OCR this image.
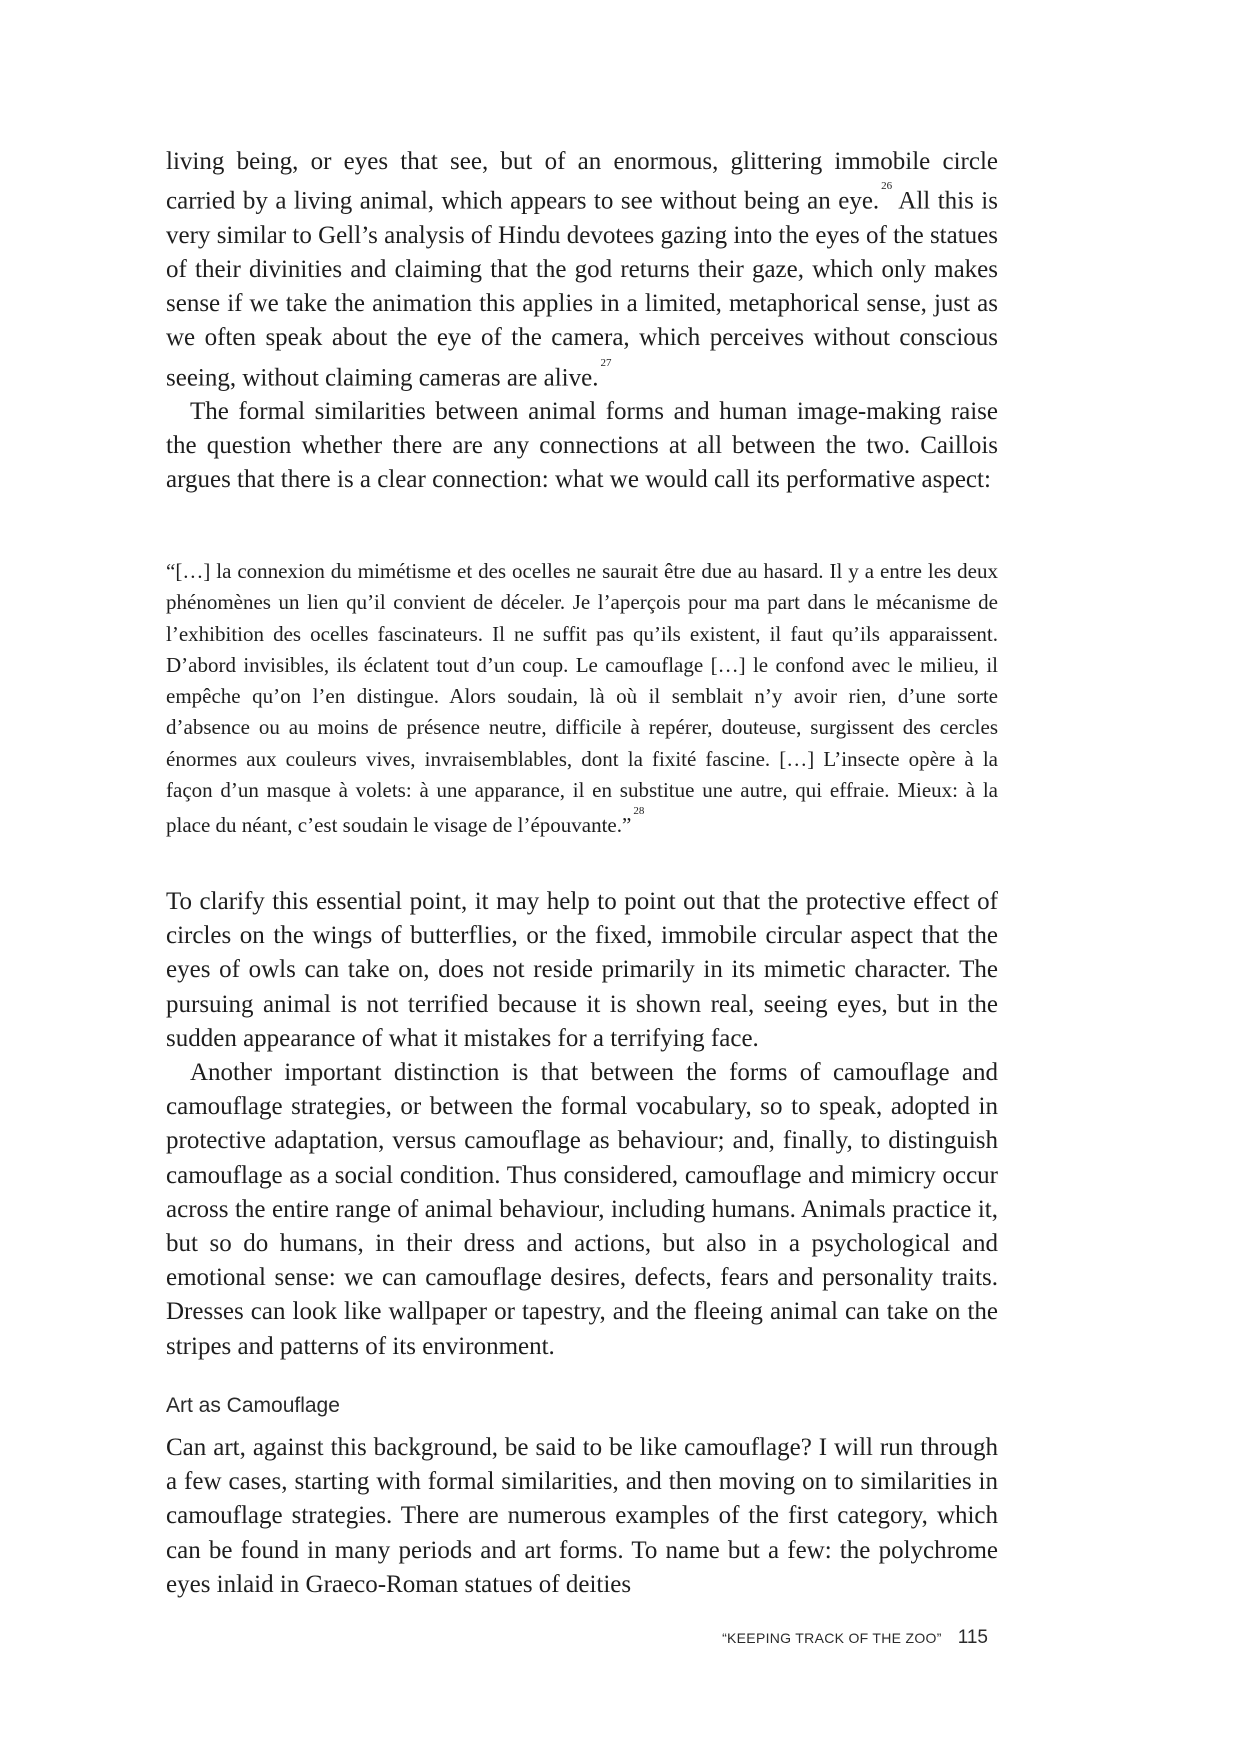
living being, or eyes that see, but of an enormous, glittering immobile circle carried by a living animal, which appears to see without being an eye.$^{26}$ All this is very similar to Gell’s analysis of Hindu devotees gazing into the eyes of the statues of their divinities and claiming that the god returns their gaze, which only makes sense if we take the animation this applies in a limited, metaphorical sense, just as we often speak about the eye of the camera, which perceives without conscious seeing, without claiming cameras are alive.$^{27}$

The formal similarities between animal forms and human image-making raise the question whether there are any connections at all between the two. Caillois argues that there is a clear connection: what we would call its performative aspect:

“[…] la connexion du mimétisme et des ocelles ne saurait être due au hasard. Il y a entre les deux phénomènes un lien qu’il convient de déceler. Je l’aperçois pour ma part dans le mécanisme de l’exhibition des ocelles fascinateurs. Il ne suffit pas qu’ils existent, il faut qu’ils apparaissent. D’abord invisibles, ils éclatent tout d’un coup. Le camouflage […] le confond avec le milieu, il empêche qu’on l’en distingue. Alors soudain, là où il semblait n’y avoir rien, d’une sorte d’absence ou au moins de présence neutre, difficile à repérer, douteuse, surgissent des cercles énormes aux couleurs vives, invraisemblables, dont la fixité fascine. […] L’insecte opère à la façon d’un masque à volets: à une apparance, il en substitue une autre, qui effraie. Mieux: à la place du néant, c’est soudain le visage de l’épouvante.”$^{28}$

To clarify this essential point, it may help to point out that the protective effect of circles on the wings of butterflies, or the fixed, immobile circular aspect that the eyes of owls can take on, does not reside primarily in its mimetic character. The pursuing animal is not terrified because it is shown real, seeing eyes, but in the sudden appearance of what it mistakes for a terrifying face.

Another important distinction is that between the forms of camouflage and camouflage strategies, or between the formal vocabulary, so to speak, adopted in protective adaptation, versus camouflage as behaviour; and, finally, to distinguish camouflage as a social condition. Thus considered, camouflage and mimicry occur across the entire range of animal behaviour, including humans. Animals practice it, but so do humans, in their dress and actions, but also in a psychological and emotional sense: we can camouflage desires, defects, fears and personality traits. Dresses can look like wallpaper or tapestry, and the fleeing animal can take on the stripes and patterns of its environment.

Art as Camouflage

Can art, against this background, be said to be like camouflage? I will run through a few cases, starting with formal similarities, and then moving on to similarities in camouflage strategies. There are numerous examples of the first category, which can be found in many periods and art forms. To name but a few: the polychrome eyes inlaid in Graeco-Roman statues of deities

“KEEPING TRACK OF THE ZOO” 115
